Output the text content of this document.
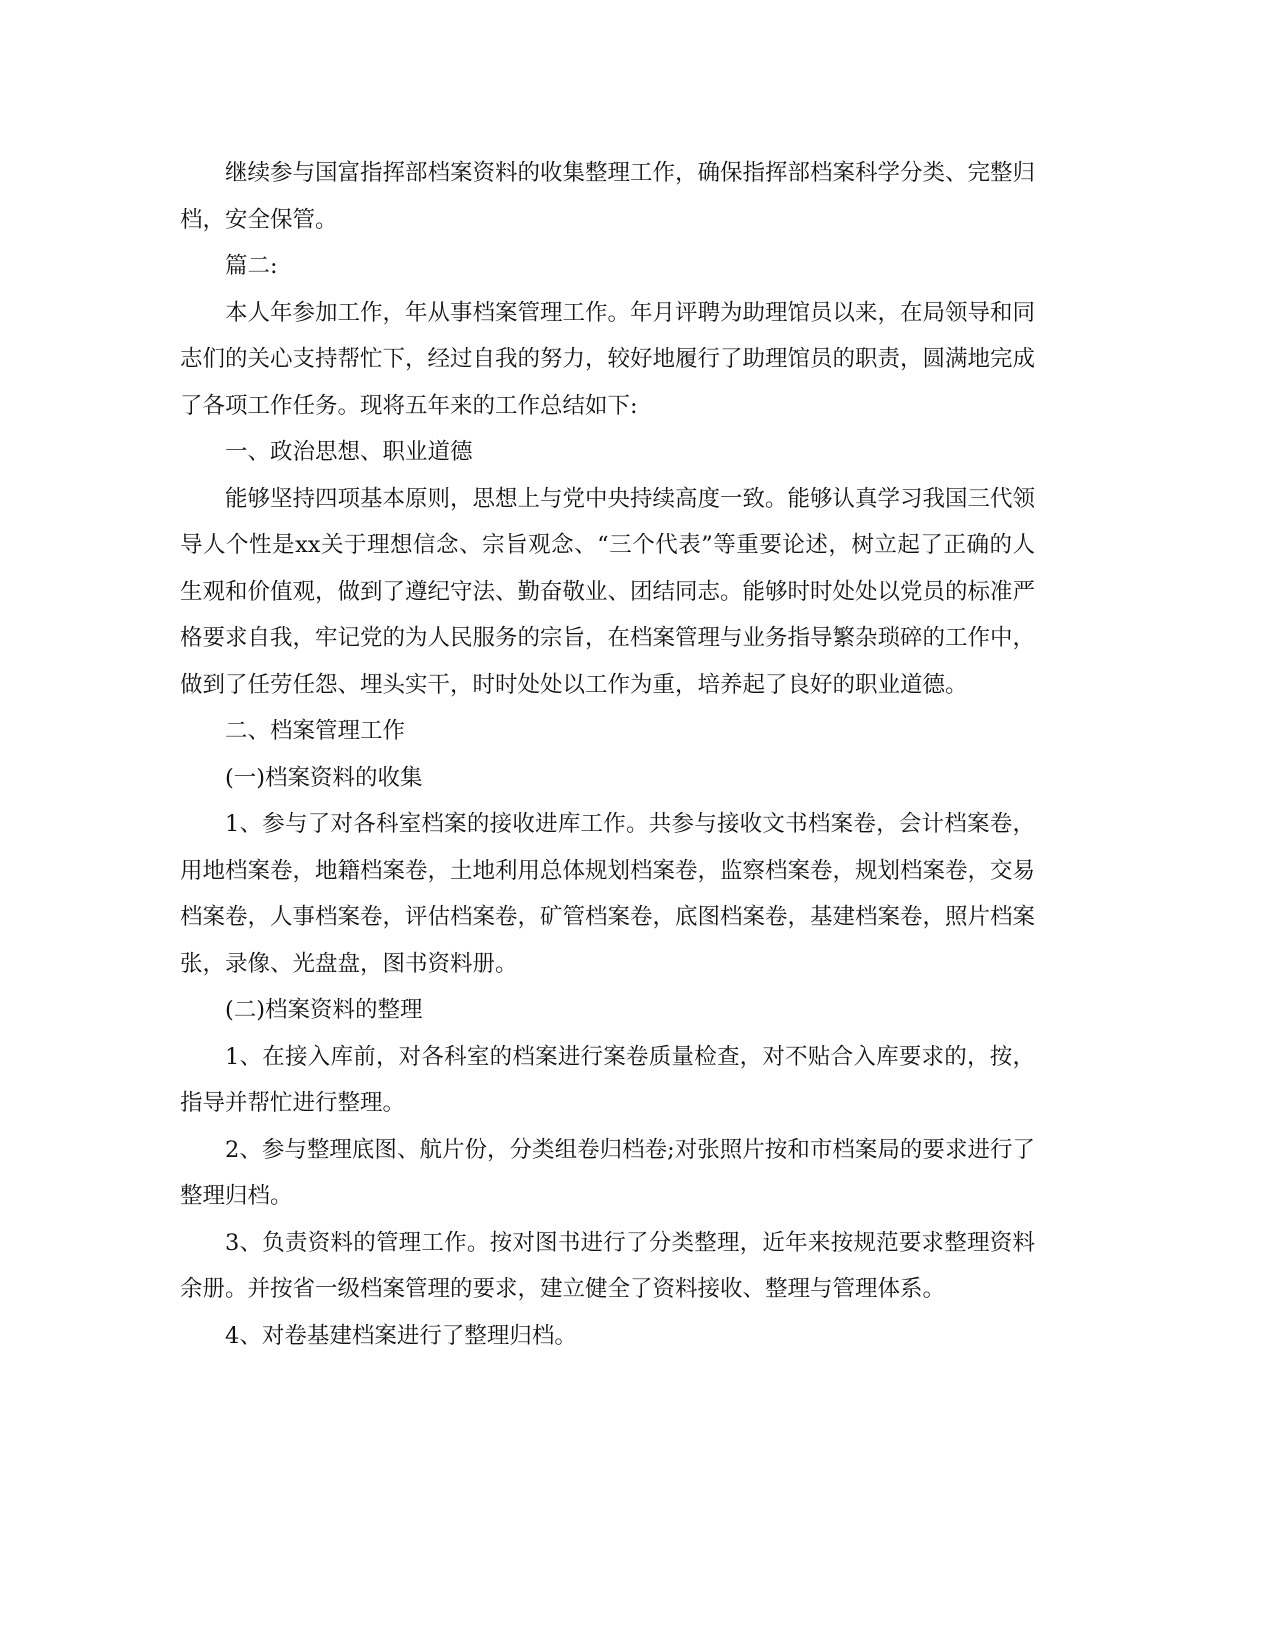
继续参与国富指挥部档案资料的收集整理工作，确保指挥部档案科学分类、完整归档，安全保管。

篇二:

本人年参加工作，年从事档案管理工作。年月评聘为助理馆员以来，在局领导和同志们的关心支持帮忙下，经过自我的努力，较好地履行了助理馆员的职责，圆满地完成了各项工作任务。现将五年来的工作总结如下:

一、政治思想、职业道德

能够坚持四项基本原则，思想上与党中央持续高度一致。能够认真学习我国三代领导人个性是xx关于理想信念、宗旨观念、“三个代表”等重要论述，树立起了正确的人生观和价值观，做到了遵纪守法、勤奋敬业、团结同志。能够时时处处以党员的标准严格要求自我，牢记党的为人民服务的宗旨，在档案管理与业务指导繁杂琐碎的工作中，做到了任劳任怨、埋头实干，时时处处以工作为重，培养起了良好的职业道德。

二、档案管理工作

(一)档案资料的收集

1、参与了对各科室档案的接收进库工作。共参与接收文书档案卷，会计档案卷，用地档案卷，地籍档案卷，土地利用总体规划档案卷，监察档案卷，规划档案卷，交易档案卷，人事档案卷，评估档案卷，矿管档案卷，底图档案卷，基建档案卷，照片档案张，录像、光盘盘，图书资料册。

(二)档案资料的整理

1、在接入库前，对各科室的档案进行案卷质量检查，对不贴合入库要求的，按，指导并帮忙进行整理。

2、参与整理底图、航片份，分类组卷归档卷;对张照片按和市档案局的要求进行了整理归档。

3、负责资料的管理工作。按对图书进行了分类整理，近年来按规范要求整理资料余册。并按省一级档案管理的要求，建立健全了资料接收、整理与管理体系。

4、对卷基建档案进行了整理归档。
